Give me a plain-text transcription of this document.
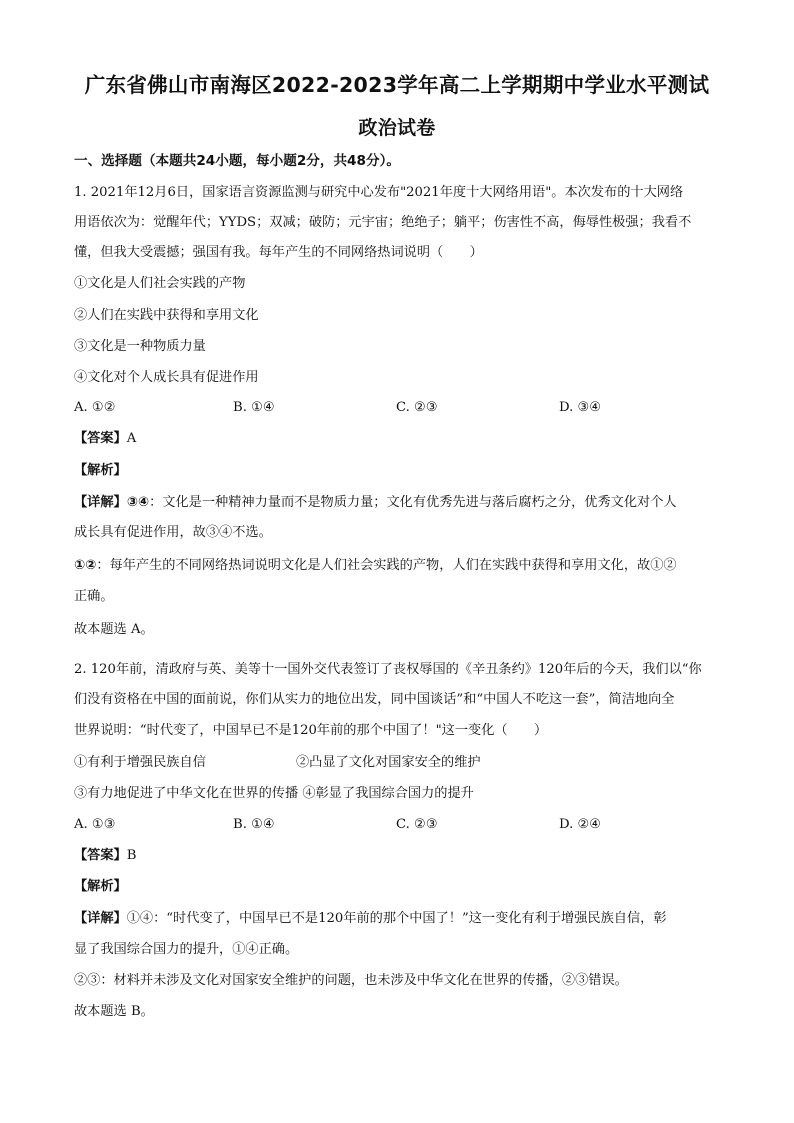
广东省佛山市南海区2022-2023学年高二上学期期中学业水平测试
政治试卷
一、选择题（本题共24小题，每小题2分，共48分）。
1. 2021年12月6日，国家语言资源监测与研究中心发布"2021年度十大网络用语"。本次发布的十大网络
用语依次为：觉醒年代；YYDS；双减；破防；元宇宙；绝绝子；躺平；伤害性不高，侮辱性极强；我看不
懂，但我大受震撼；强国有我。每年产生的不同网络热词说明（　　）
①文化是人们社会实践的产物
②人们在实践中获得和享用文化
③文化是一种物质力量
④文化对个人成长具有促进作用
A. ①②	B. ①④	C. ②③	D. ③④
【答案】A
【解析】
【详解】③④：文化是一种精神力量而不是物质力量；文化有优秀先进与落后腐朽之分，优秀文化对个人
成长具有促进作用，故③④不选。
①②：每年产生的不同网络热词说明文化是人们社会实践的产物，人们在实践中获得和享用文化，故①②
正确。
故本题选 A。
2. 120年前，清政府与英、美等十一国外交代表签订了丧权辱国的《辛丑条约》120年后的今天，我们以“你
们没有资格在中国的面前说，你们从实力的地位出发，同中国谈话”和“中国人不吃这一套”，简洁地向全
世界说明：“时代变了，中国早已不是120年前的那个中国了！"这一变化（　　）
①有利于增强民族自信	②凸显了文化对国家安全的维护
③有力地促进了中华文化在世界的传播 ④彰显了我国综合国力的提升
A. ①③	B. ①④	C. ②③	D. ②④
【答案】B
【解析】
【详解】①④：“时代变了，中国早已不是120年前的那个中国了！”这一变化有利于增强民族自信，彰
显了我国综合国力的提升，①④正确。
②③：材料并未涉及文化对国家安全维护的问题，也未涉及中华文化在世界的传播，②③错误。
故本题选 B。
